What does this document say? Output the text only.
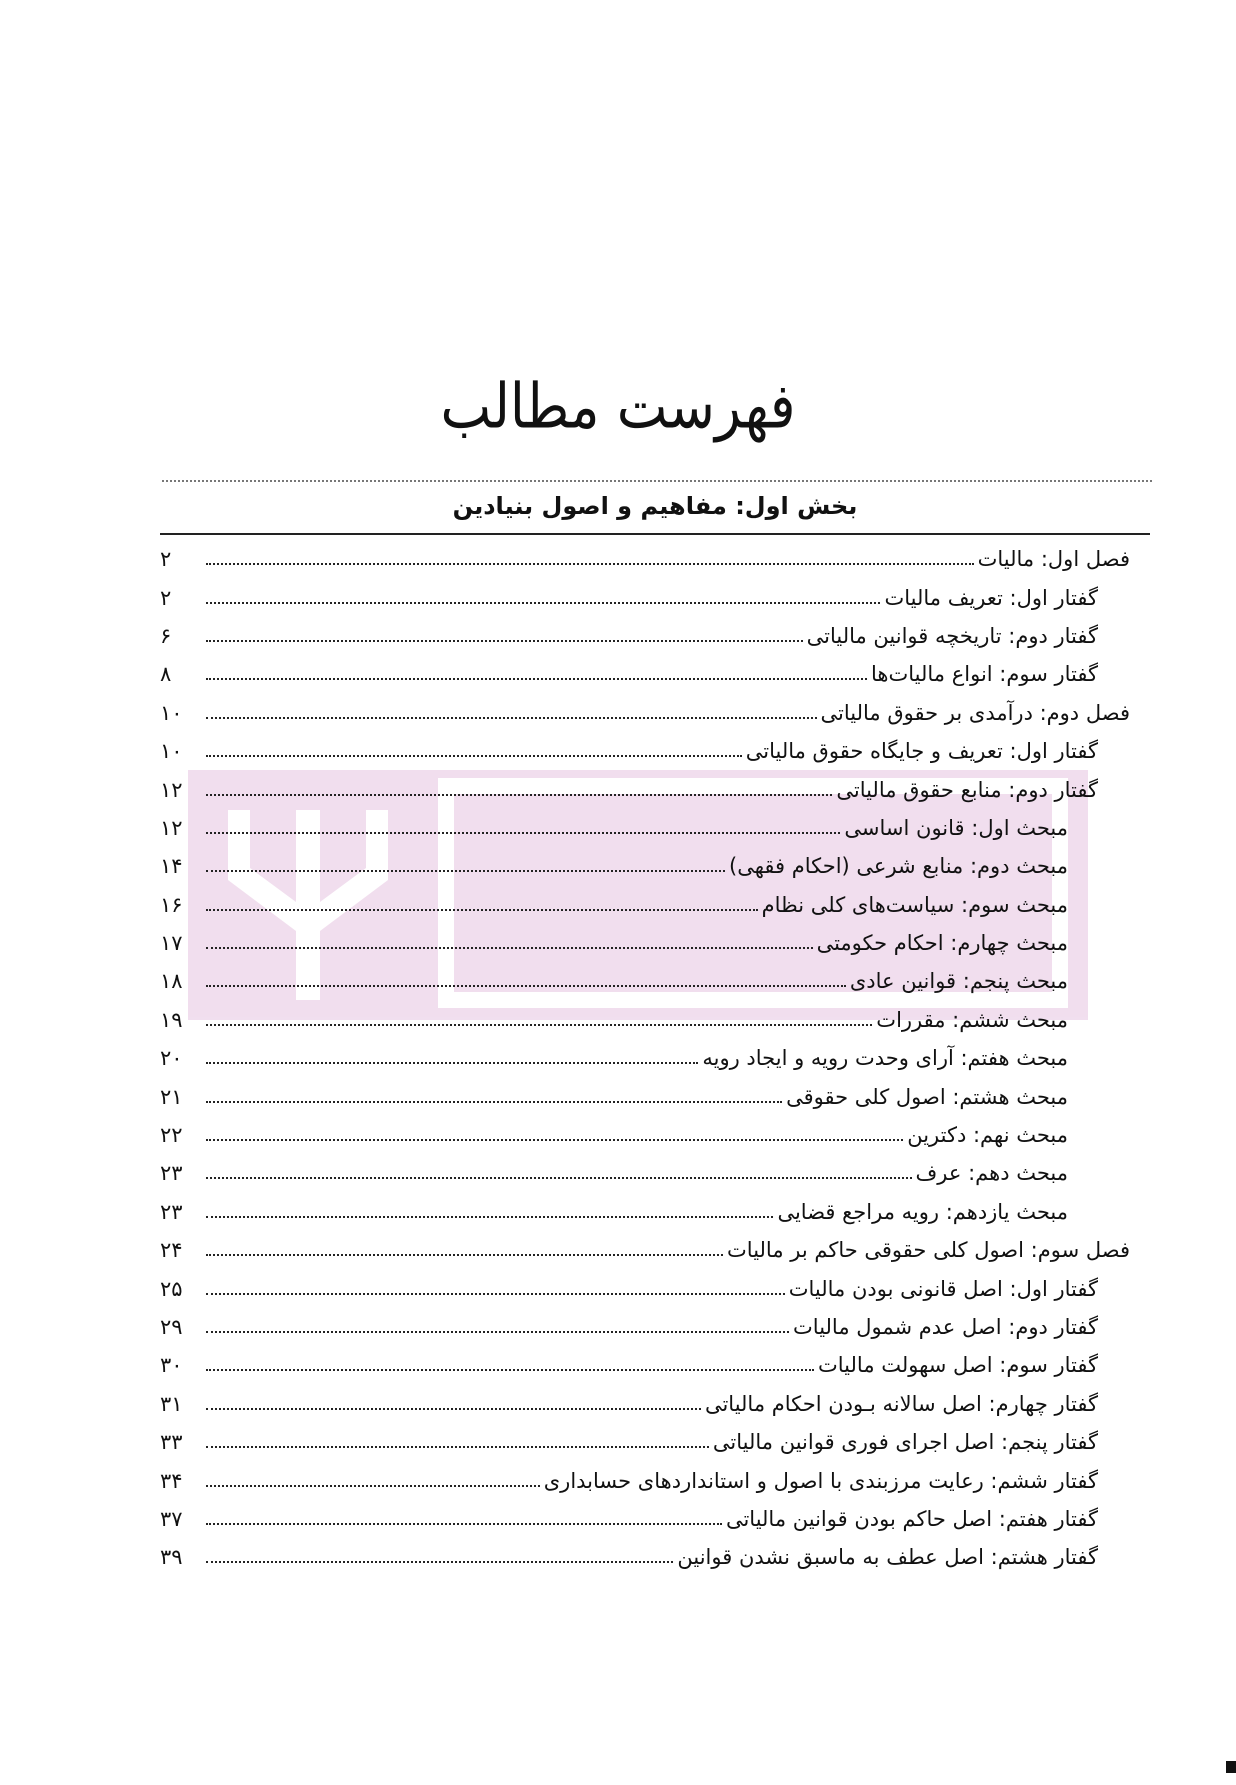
فهرست مطالب
بخش اول: مفاهیم و اصول بنیادین
فصل اول: مالیات
۲
گفتار اول: تعریف مالیات
۲
گفتار دوم: تاریخچه قوانین مالیاتی
۶
گفتار سوم: انواع مالیات‌ها
۸
فصل دوم: درآمدی بر حقوق مالیاتی
۱۰
گفتار اول: تعریف و جایگاه حقوق مالیاتی
۱۰
گفتار دوم: منابع حقوق مالیاتی
۱۲
مبحث اول: قانون اساسی
۱۲
مبحث دوم: منابع شرعی (احکام فقهی)
۱۴
مبحث سوم: سیاست‌های کلی نظام
۱۶
مبحث چهارم: احکام حکومتی
۱۷
مبحث پنجم: قوانین عادی
۱۸
مبحث ششم: مقررات
۱۹
مبحث هفتم: آرای وحدت رویه و ایجاد رویه
۲۰
مبحث هشتم: اصول کلی حقوقی
۲۱
مبحث نهم: دکترین
۲۲
مبحث دهم: عرف
۲۳
مبحث یازدهم: رویه مراجع قضایی
۲۳
فصل سوم: اصول کلی حقوقی حاکم بر مالیات
۲۴
گفتار اول: اصل قانونی بودن مالیات
۲۵
گفتار دوم: اصل عدم شمول مالیات
۲۹
گفتار سوم: اصل سهولت مالیات
۳۰
گفتار چهارم: اصل سالانه بـودن احکام مالیاتی
۳۱
گفتار پنجم: اصل اجرای فوری قوانین مالیاتی
۳۳
گفتار ششم: رعایت مرزبندی با اصول و استانداردهای حسابداری
۳۴
گفتار هفتم: اصل حاکم بودن قوانین مالیاتی
۳۷
گفتار هشتم: اصل عطف به ماسبق نشدن قوانین
۳۹
